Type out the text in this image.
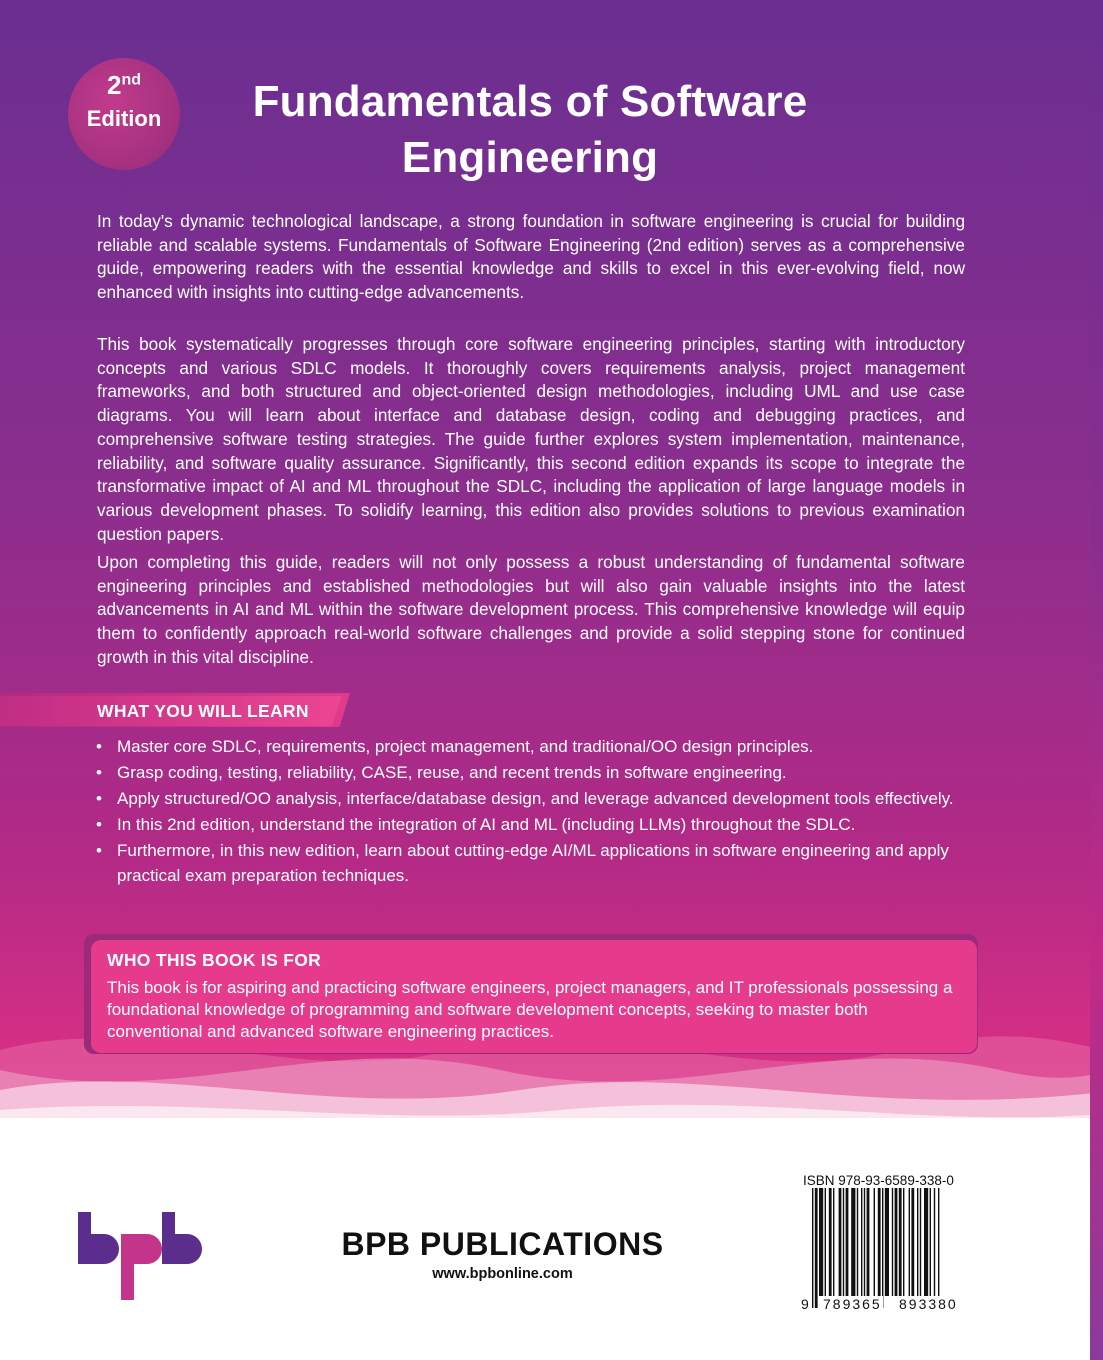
2nd
Edition	Fundamentals of Software
Engineering

In today's dynamic technological landscape, a strong foundation in software engineering is crucial for building reliable and scalable systems. Fundamentals of Software Engineering (2nd edition) serves as a comprehensive guide, empowering readers with the essential knowledge and skills to excel in this ever-evolving field, now enhanced with insights into cutting-edge advancements.

This book systematically progresses through core software engineering principles, starting with introductory concepts and various SDLC models. It thoroughly covers requirements analysis, project management frameworks, and both structured and object-oriented design methodologies, including UML and use case diagrams. You will learn about interface and database design, coding and debugging practices, and comprehensive software testing strategies. The guide further explores system implementation, maintenance, reliability, and software quality assurance. Significantly, this second edition expands its scope to integrate the transformative impact of AI and ML throughout the SDLC, including the application of large language models in various development phases. To solidify learning, this edition also provides solutions to previous examination question papers.

Upon completing this guide, readers will not only possess a robust understanding of fundamental software engineering principles and established methodologies but will also gain valuable insights into the latest advancements in AI and ML within the software development process. This comprehensive knowledge will equip them to confidently approach real-world software challenges and provide a solid stepping stone for continued growth in this vital discipline.

WHAT YOU WILL LEARN
• Master core SDLC, requirements, project management, and traditional/OO design principles.
• Grasp coding, testing, reliability, CASE, reuse, and recent trends in software engineering.
• Apply structured/OO analysis, interface/database design, and leverage advanced development tools effectively.
• In this 2nd edition, understand the integration of AI and ML (including LLMs) throughout the SDLC.
• Furthermore, in this new edition, learn about cutting-edge AI/ML applications in software engineering and apply practical exam preparation techniques.
WHO THIS BOOK IS FOR

This book is for aspiring and practicing software engineers, project managers, and IT professionals possessing a foundational knowledge of programming and software development concepts, seeking to master both conventional and advanced software engineering practices.

BPB PUBLICATIONS
www.bpbonline.com
ISBN 978-93-6589-338-0
9 789365 893380
